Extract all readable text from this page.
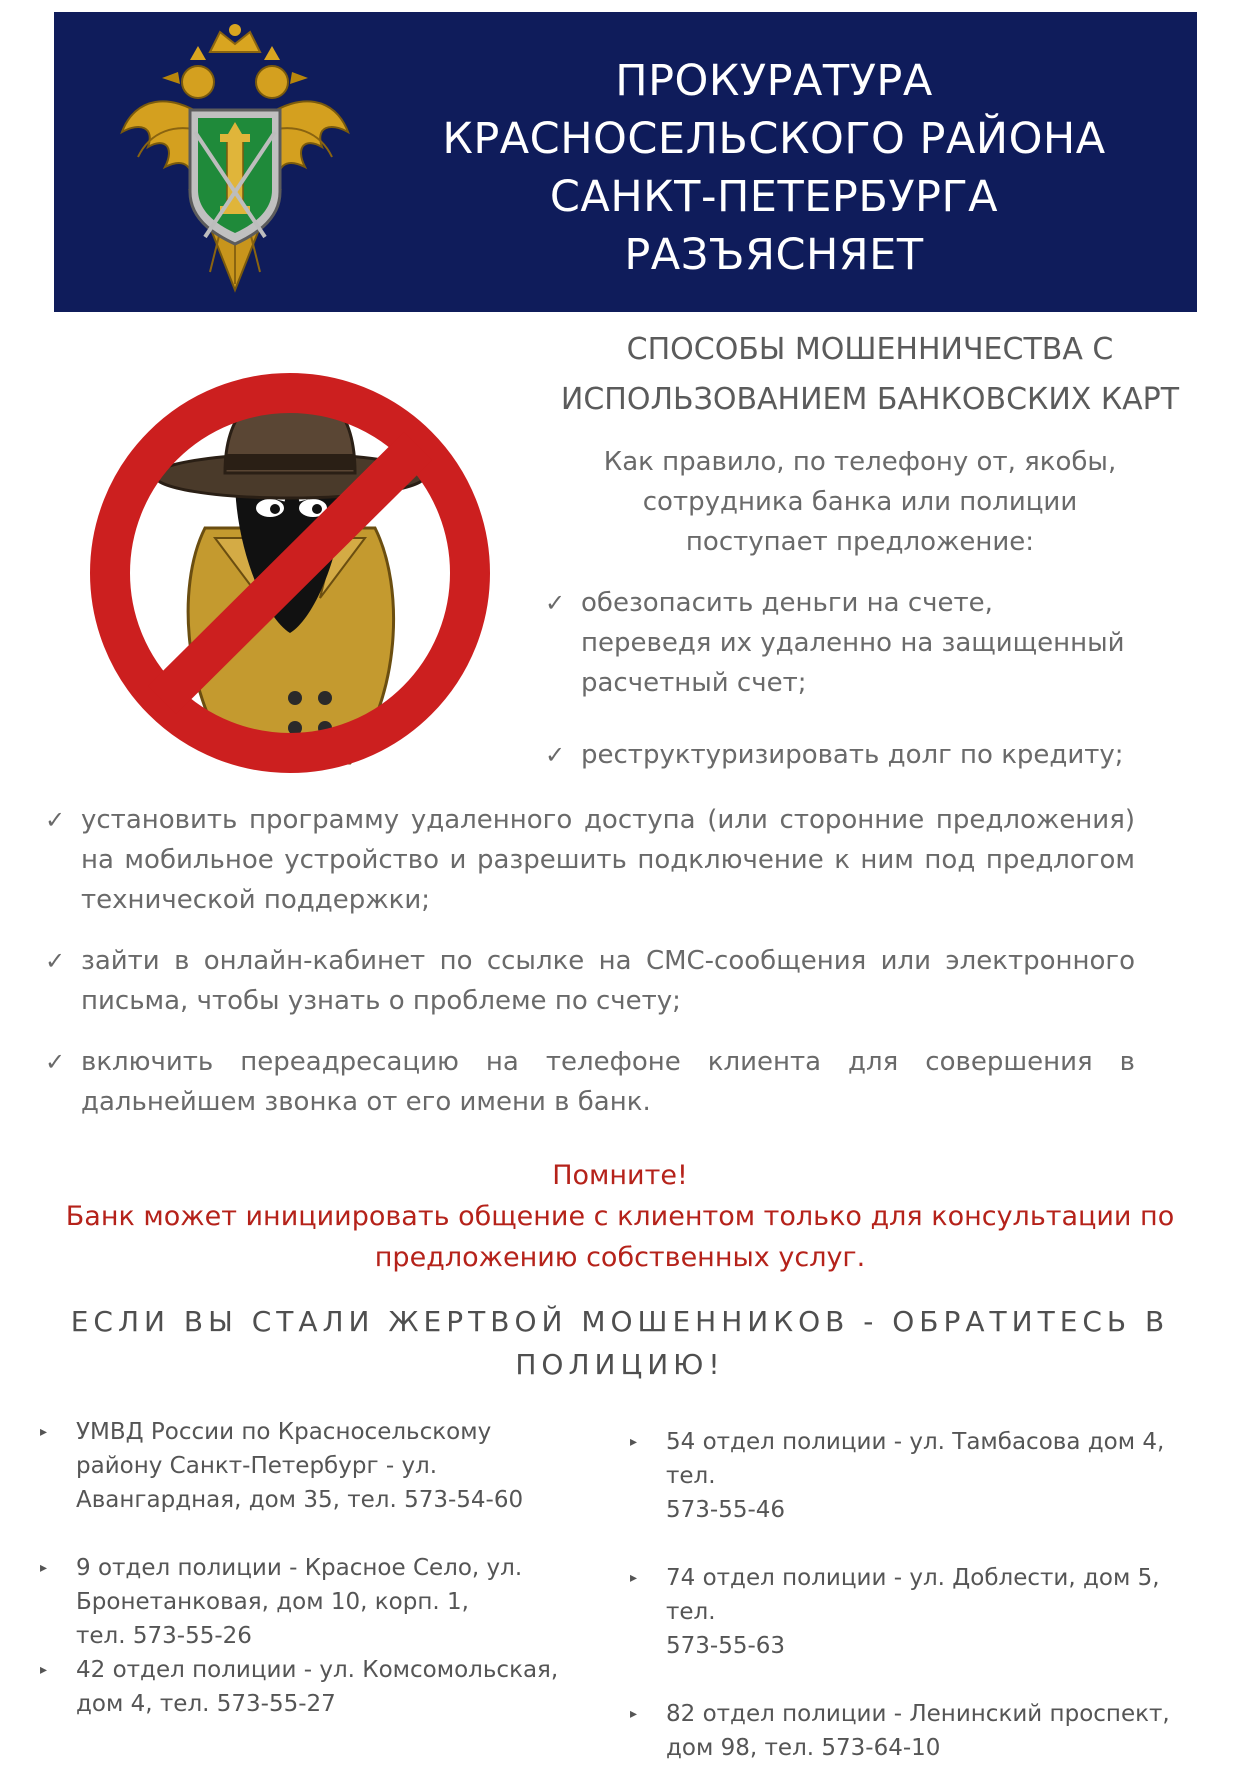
ПРОКУРАТУРА
КРАСНОСЕЛЬСКОГО РАЙОНА
САНКТ-ПЕТЕРБУРГА
РАЗЪЯСНЯЕТ
СПОСОБЫ МОШЕННИЧЕСТВА С
ИСПОЛЬЗОВАНИЕМ БАНКОВСКИХ КАРТ
Как правило, по телефону от, якобы,
сотрудника банка или полиции
поступает предложение:
✓ обезопасить деньги на счете,
переведя их удаленно на защищенный
расчетный счет;
✓ реструктуризировать долг по кредиту;
✓ установить программу удаленного доступа (или сторонние предложения) на мобильное устройство и разрешить подключение к ним под предлогом технической поддержки;
✓ зайти в онлайн-кабинет по ссылке на СМС-сообщения или электронного письма, чтобы узнать о проблеме по счету;
✓ включить переадресацию на телефоне клиента для совершения в дальнейшем звонка от его имени в банк.
Помните!
Банк может инициировать общение с клиентом только для консультации по
предложению собственных услуг.
ЕСЛИ ВЫ СТАЛИ ЖЕРТВОЙ МОШЕННИКОВ - ОБРАТИТЕСЬ В
ПОЛИЦИЮ!
▸ УМВД России по Красносельскому
району Санкт-Петербург - ул.
Авангардная, дом 35, тел. 573-54-60
▸ 9 отдел полиции - Красное Село, ул.
Бронетанковая, дом 10, корп. 1,
тел. 573-55-26
▸ 42 отдел полиции - ул. Комсомольская,
дом 4, тел. 573-55-27
▸ 54 отдел полиции - ул. Тамбасова дом 4, тел.
573-55-46
▸ 74 отдел полиции - ул. Доблести, дом 5, тел.
573-55-63
▸ 82 отдел полиции - Ленинский проспект,
дом 98, тел. 573-64-10
